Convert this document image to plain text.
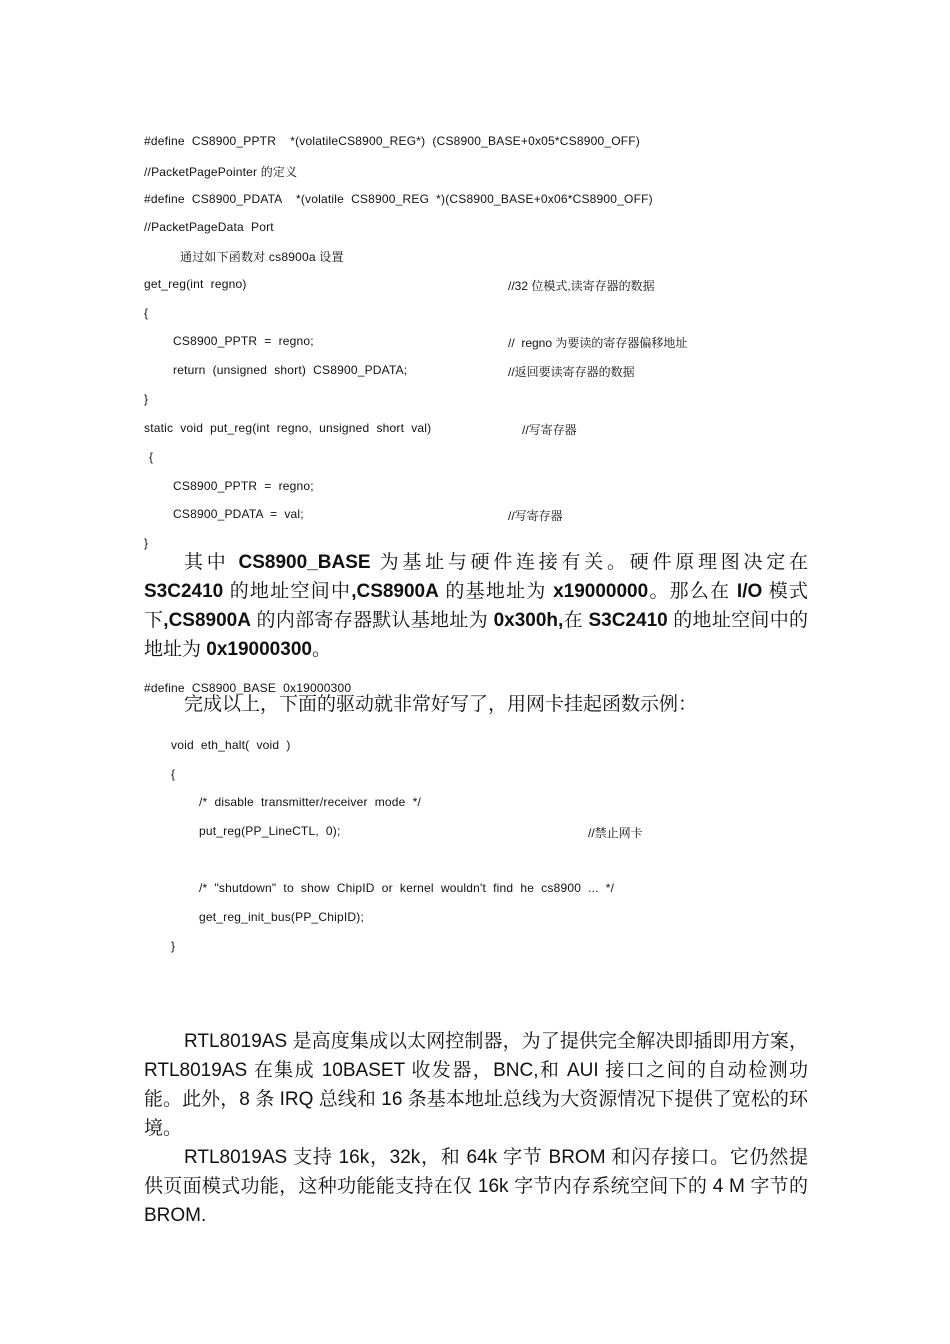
#define  CS8900_PPTR    *(volatileCS8900_REG*)  (CS8900_BASE+0x05*CS8900_OFF)
//PacketPagePointer 的定义
#define  CS8900_PDATA    *(volatile  CS8900_REG  *)(CS8900_BASE+0x06*CS8900_OFF)
//PacketPageData  Port
通过如下函数对 cs8900a 设置
get_reg(int  regno)
{
CS8900_PPTR  =  regno;
return  (unsigned  short)  CS8900_PDATA;
}
static  void  put_reg(int  regno,  unsigned  short  val)
{
CS8900_PPTR  =  regno;
CS8900_PDATA  =  val;
}
//32 位模式,读寄存器的数据
//  regno 为要读的寄存器偏移地址
//返回要读寄存器的数据
//写寄存器
//写寄存器
其中 CS8900_BASE 为基址与硬件连接有关。硬件原理图决定在 S3C2410 的地址空间中,CS8900A 的基地址为 x19000000。那么在 I/O 模式下,CS8900A 的内部寄存器默认基地址为 0x300h,在 S3C2410 的地址空间中的地址为 0x19000300。
#define  CS8900_BASE  0x19000300
完成以上，下面的驱动就非常好写了，用网卡挂起函数示例：
void  eth_halt(  void  )
{
/*  disable  transmitter/receiver  mode  */
put_reg(PP_LineCTL,  0);	//禁止网卡
/*  "shutdown"  to  show  ChipID  or  kernel  wouldn't  find  he  cs8900  ...  */
get_reg_init_bus(PP_ChipID);
}
RTL8019AS 是高度集成以太网控制器，为了提供完全解决即插即用方案，RTL8019AS 在集成 10BASET 收发器，BNC,和 AUI 接口之间的自动检测功能。此外，8 条 IRQ 总线和 16 条基本地址总线为大资源情况下提供了宽松的环境。
RTL8019AS 支持 16k，32k，和 64k 字节 BROM 和闪存接口。它仍然提供页面模式功能，这种功能能支持在仅 16k 字节内存系统空间下的 4 M 字节的 BROM.
